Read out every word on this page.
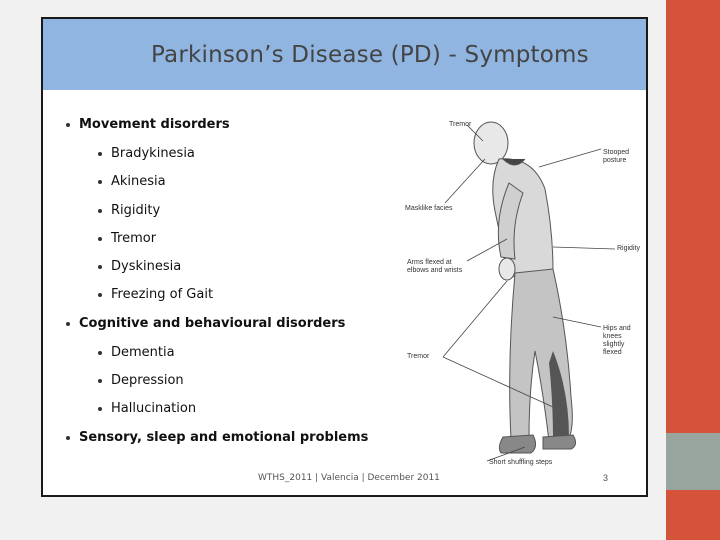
Parkinson’s Disease (PD) - Symptoms
Movement disorders
Bradykinesia
Akinesia
Rigidity
Tremor
Dyskinesia
Freezing of Gait
Cognitive and behavioural disorders
Dementia
Depression
Hallucination
Sensory, sleep and emotional problems
Tremor
Stooped posture
Masklike facies
Rigidity
Arms flexed at elbows and wrists
Hips and knees slightly flexed
Tremor
Short shuffling steps
WTHS_2011 | Valencia | December 2011	3
